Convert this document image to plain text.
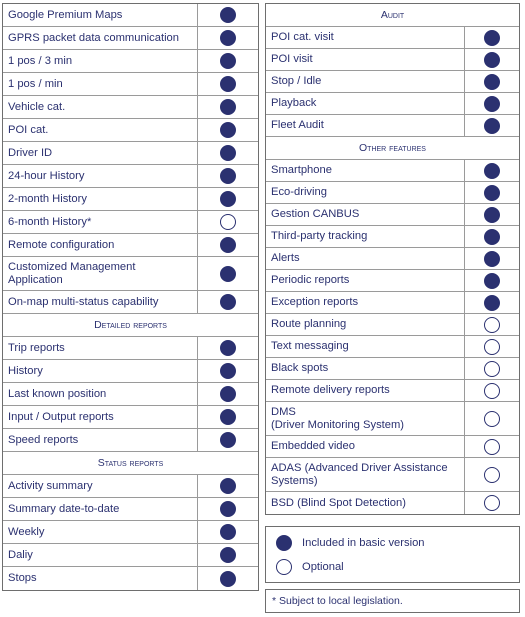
Google Premium Maps
GPRS packet data communication
1 pos / 3 min
1 pos / min
Vehicle cat.
POI cat.
Driver ID
24-hour History
2-month History
6-month History*
Remote configuration
Customized Management Application
On-map multi-status capability
Detailed reports
Trip reports
History
Last known position
Input / Output reports
Speed reports
Status reports
Activity summary
Summary date-to-date
Weekly
Daliy
Stops
Audit
POI cat. visit
POI visit
Stop / Idle
Playback
Fleet Audit
Other features
Smartphone
Eco-driving
Gestion CANBUS
Third-party tracking
Alerts
Periodic reports
Exception reports
Route planning
Text messaging
Black spots
Remote delivery reports
DMS
(Driver Monitoring System)
Embedded video
ADAS (Advanced Driver Assistance Systems)
BSD (Blind Spot Detection)
Included in basic version
Optional
* Subject to local legislation.
